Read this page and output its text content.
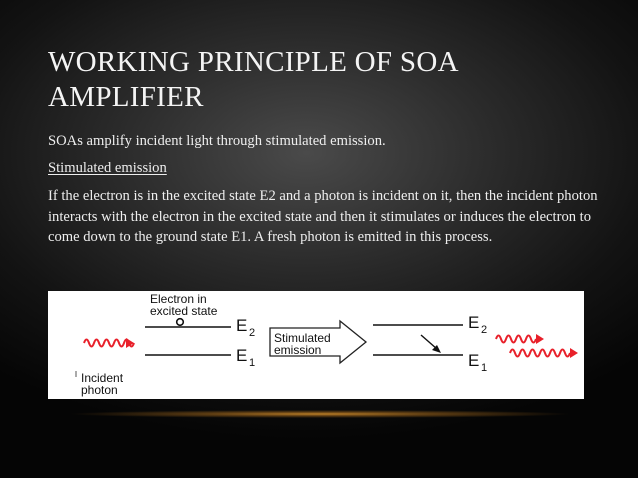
WORKING PRINCIPLE OF SOA AMPLIFIER

SOAs amplify incident light through stimulated emission.

Stimulated emission

If the electron is in the excited state E2 and a photon is incident on it, then the incident photon interacts with the electron in the excited state and then it stimulates or induces the electron to come down to the ground state E1. A fresh photon is emitted in this process.

Electron in
excited state
E 2
E 1
Stimulated
emission
E 2
E 1
Incident
photon
